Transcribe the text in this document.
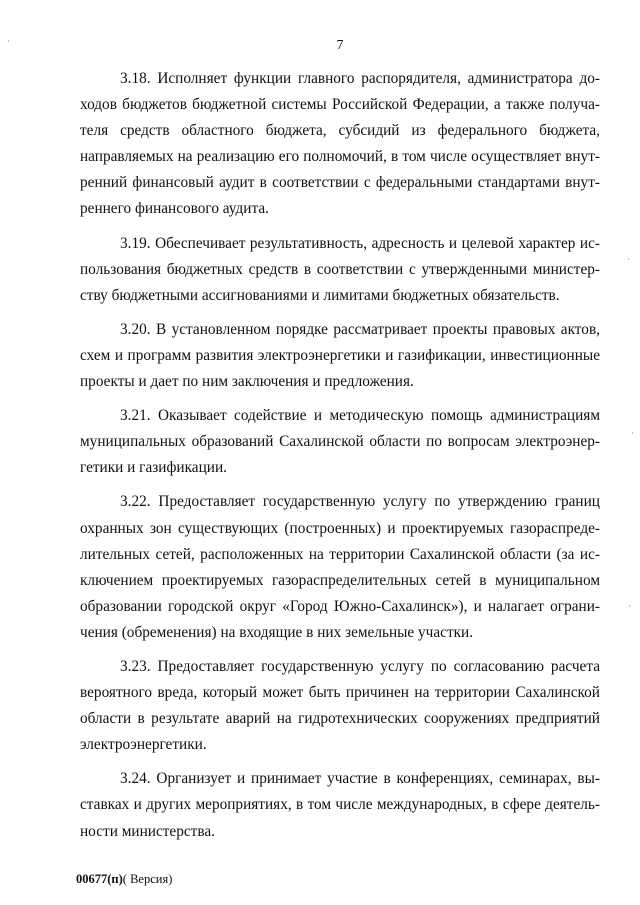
7

3.18. Исполняет функции главного распорядителя, администратора доходов бюджетов бюджетной системы Российской Федерации, а также получателя средств областного бюджета, субсидий из федерального бюджета, направляемых на реализацию его полномочий, в том числе осуществляет внутренний финансовый аудит в соответствии с федеральными стандартами внутреннего финансового аудита.

3.19. Обеспечивает результативность, адресность и целевой характер использования бюджетных средств в соответствии с утвержденными министерству бюджетными ассигнованиями и лимитами бюджетных обязательств.

3.20. В установленном порядке рассматривает проекты правовых актов, схем и программ развития электроэнергетики и газификации, инвестиционные проекты и дает по ним заключения и предложения.

3.21. Оказывает содействие и методическую помощь администрациям муниципальных образований Сахалинской области по вопросам электроэнергетики и газификации.

3.22. Предоставляет государственную услугу по утверждению границ охранных зон существующих (построенных) и проектируемых газораспределительных сетей, расположенных на территории Сахалинской области (за исключением проектируемых газораспределительных сетей в муниципальном образовании городской округ «Город Южно-Сахалинск»), и налагает ограничения (обременения) на входящие в них земельные участки.

3.23. Предоставляет государственную услугу по согласованию расчета вероятного вреда, который может быть причинен на территории Сахалинской области в результате аварий на гидротехнических сооружениях предприятий электроэнергетики.

3.24. Организует и принимает участие в конференциях, семинарах, выставках и других мероприятиях, в том числе международных, в сфере деятельности министерства.

00677(п)( Версия)
